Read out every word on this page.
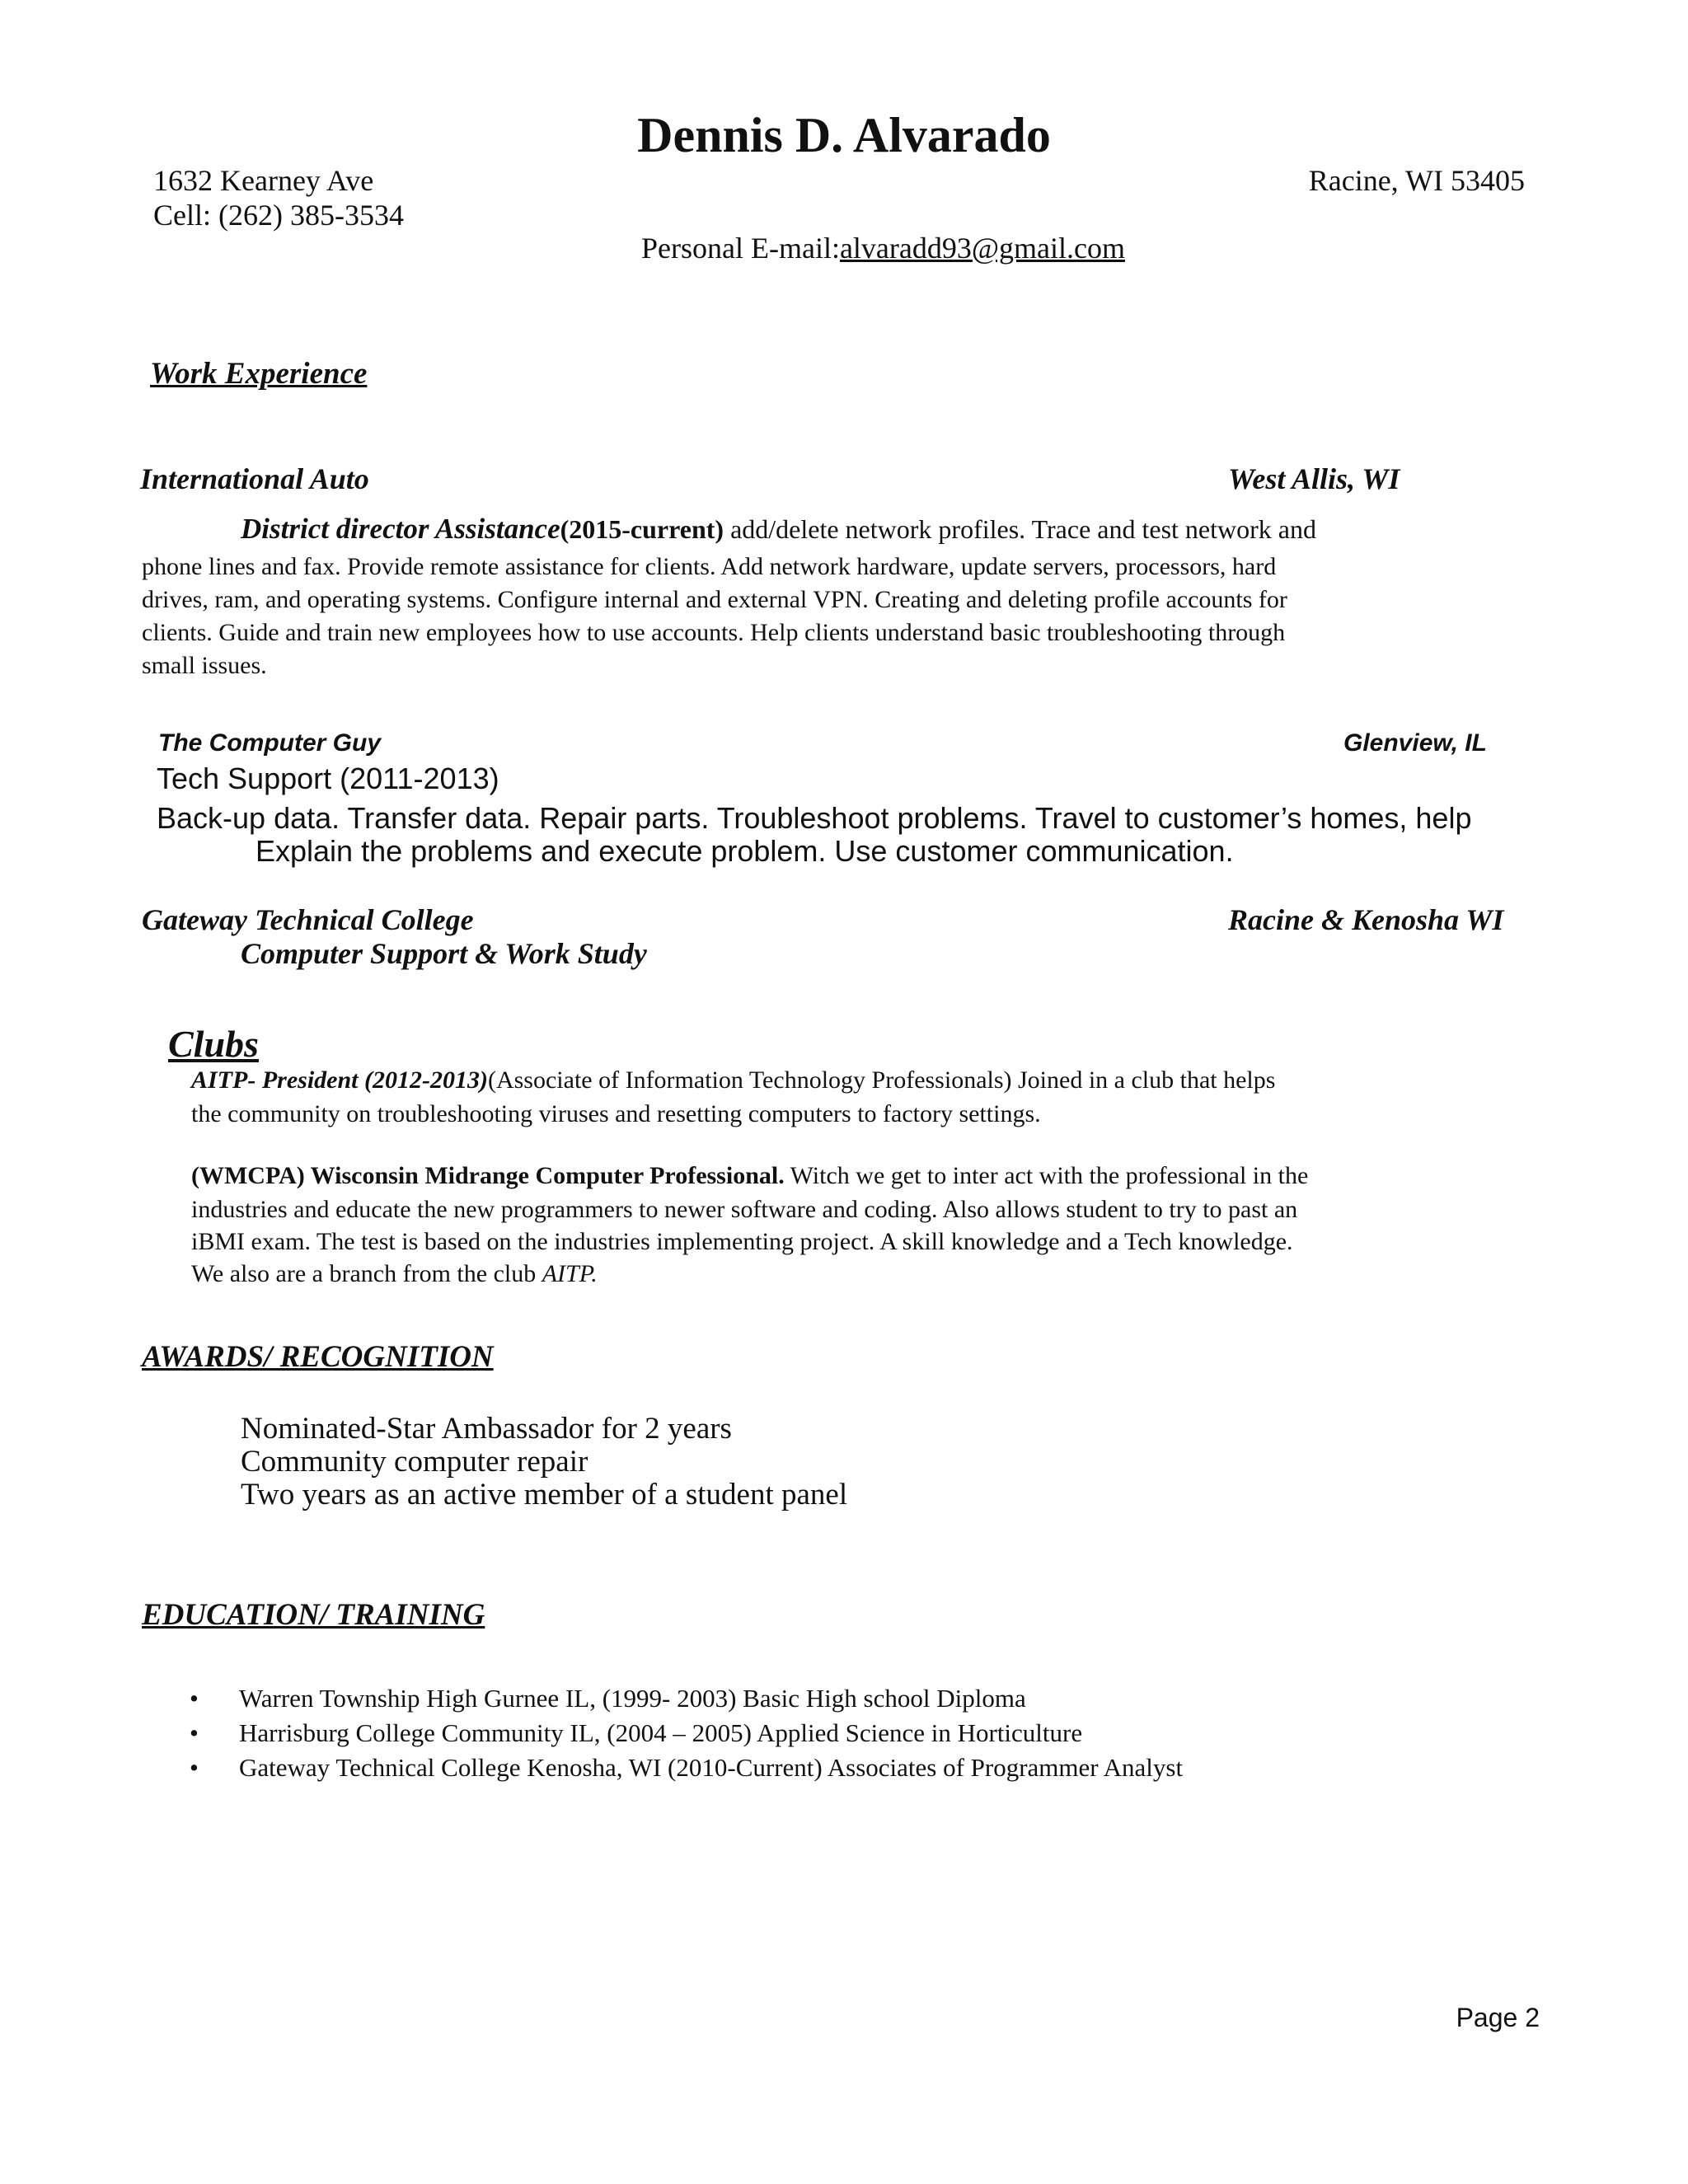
Dennis D. Alvarado
1632 Kearney Ave	Racine, WI 53405
Cell: (262) 385-3534
Personal E-mail:alvaradd93@gmail.com
Work Experience
International Auto	West Allis, WI
District director Assistance(2015-current) add/delete network profiles. Trace and test network and
phone lines and fax. Provide remote assistance for clients. Add network hardware, update servers, processors, hard
drives, ram, and operating systems. Configure internal and external VPN. Creating and deleting profile accounts for
clients. Guide and train new employees how to use accounts. Help clients understand basic troubleshooting through
small issues.
The Computer Guy	Glenview, IL
Tech Support (2011-2013)
Back-up data. Transfer data. Repair parts. Troubleshoot problems. Travel to customer’s homes, help
Explain the problems and execute problem. Use customer communication.
Gateway Technical College	Racine & Kenosha WI
Computer Support & Work Study
Clubs
AITP- President (2012-2013)(Associate of Information Technology Professionals) Joined in a club that helps
the community on troubleshooting viruses and resetting computers to factory settings.
(WMCPA) Wisconsin Midrange Computer Professional. Witch we get to inter act with the professional in the
industries and educate the new programmers to newer software and coding. Also allows student to try to past an
iBMI exam. The test is based on the industries implementing project. A skill knowledge and a Tech knowledge.
We also are a branch from the club AITP.
AWARDS/ RECOGNITION
Nominated-Star Ambassador for 2 years
Community computer repair
Two years as an active member of a student panel
EDUCATION/ TRAINING
• Warren Township High Gurnee IL, (1999- 2003) Basic High school Diploma
• Harrisburg College Community IL, (2004 – 2005) Applied Science in Horticulture
• Gateway Technical College Kenosha, WI (2010-Current) Associates of Programmer Analyst
Page 2
